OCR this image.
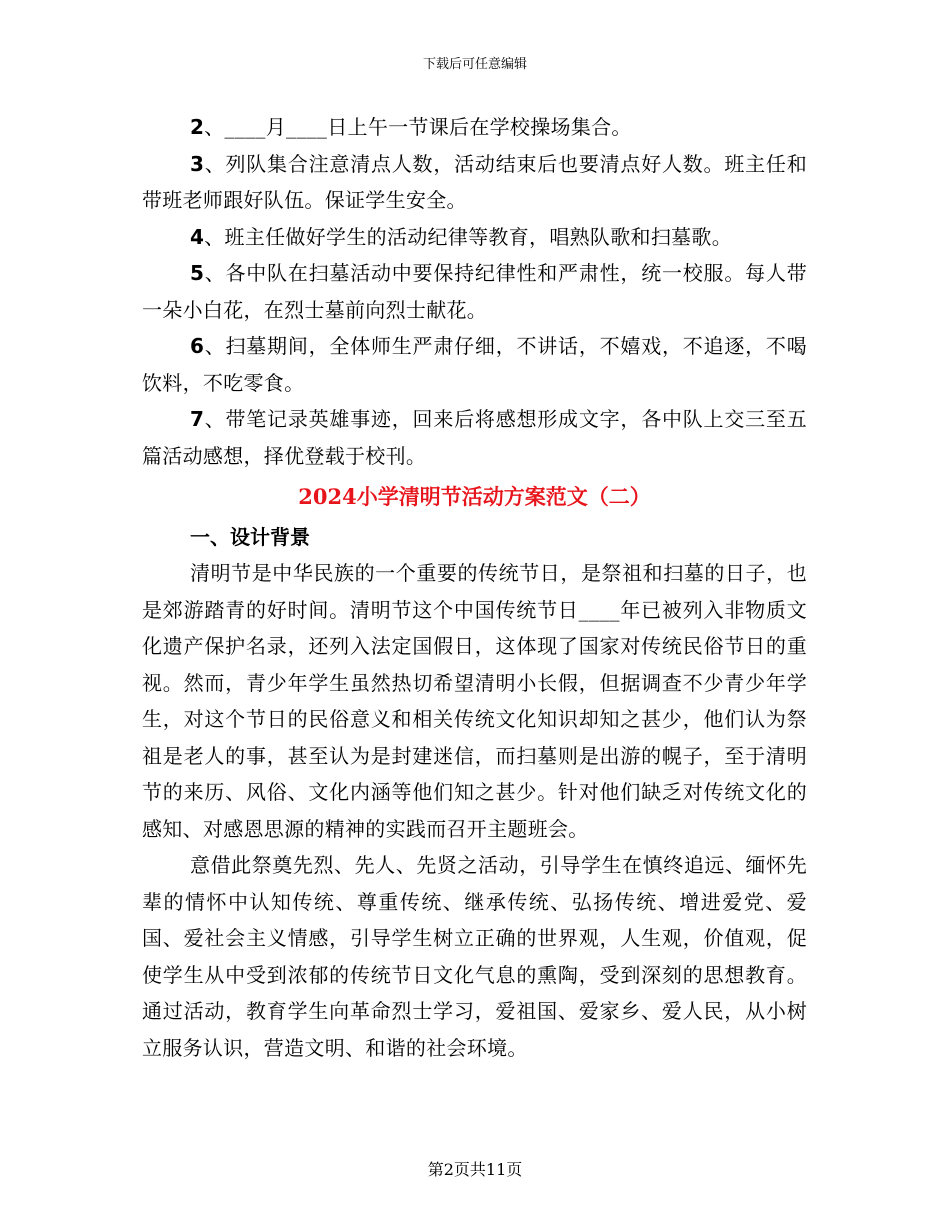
下载后可任意编辑

2、____月____日上午一节课后在学校操场集合。

3、列队集合注意清点人数，活动结束后也要清点好人数。班主任和带班老师跟好队伍。保证学生安全。

4、班主任做好学生的活动纪律等教育，唱熟队歌和扫墓歌。

5、各中队在扫墓活动中要保持纪律性和严肃性，统一校服。每人带一朵小白花，在烈士墓前向烈士献花。

6、扫墓期间，全体师生严肃仔细，不讲话，不嬉戏，不追逐，不喝饮料，不吃零食。

7、带笔记录英雄事迹，回来后将感想形成文字，各中队上交三至五篇活动感想，择优登载于校刊。

2024小学清明节活动方案范文（二）
一、设计背景

清明节是中华民族的一个重要的传统节日，是祭祖和扫墓的日子，也是郊游踏青的好时间。清明节这个中国传统节日____年已被列入非物质文化遗产保护名录，还列入法定国假日，这体现了国家对传统民俗节日的重视。然而，青少年学生虽然热切希望清明小长假，但据调查不少青少年学生，对这个节日的民俗意义和相关传统文化知识却知之甚少，他们认为祭祖是老人的事，甚至认为是封建迷信，而扫墓则是出游的幌子，至于清明节的来历、风俗、文化内涵等他们知之甚少。针对他们缺乏对传统文化的感知、对感恩思源的精神的实践而召开主题班会。

意借此祭奠先烈、先人、先贤之活动，引导学生在慎终追远、缅怀先辈的情怀中认知传统、尊重传统、继承传统、弘扬传统、增进爱党、爱国、爱社会主义情感，引导学生树立正确的世界观，人生观，价值观，促使学生从中受到浓郁的传统节日文化气息的熏陶，受到深刻的思想教育。通过活动，教育学生向革命烈士学习，爱祖国、爱家乡、爱人民，从小树立服务认识，营造文明、和谐的社会环境。

第2页共11页
